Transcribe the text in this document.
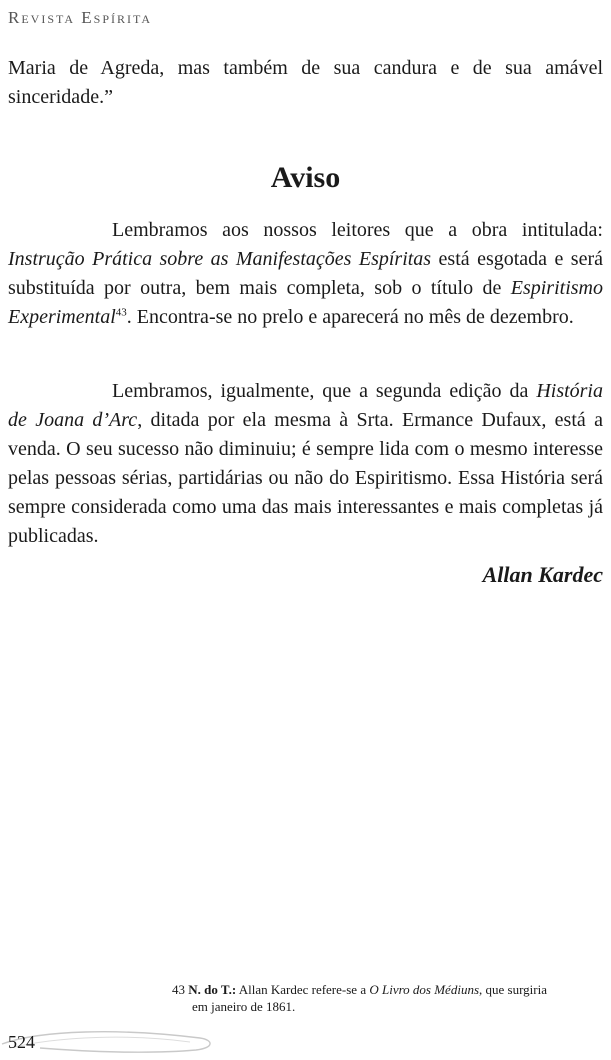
Revista Espírita

Maria de Agreda, mas também de sua candura e de sua amável sinceridade.”

Aviso

Lembramos aos nossos leitores que a obra intitulada: Instrução Prática sobre as Manifestações Espíritas está esgotada e será substituída por outra, bem mais completa, sob o título de Espiritismo Experimental$^{43}$. Encontra-se no prelo e aparecerá no mês de dezembro.

Lembramos, igualmente, que a segunda edição da História de Joana d’Arc, ditada por ela mesma à Srta. Ermance Dufaux, está a venda. O seu sucesso não diminuiu; é sempre lida com o mesmo interesse pelas pessoas sérias, partidárias ou não do Espiritismo. Essa História será sempre considerada como uma das mais interessantes e mais completas já publicadas.

Allan Kardec
43 N. do T.: Allan Kardec refere-se a O Livro dos Médiuns, que surgiria
em janeiro de 1861.
524
